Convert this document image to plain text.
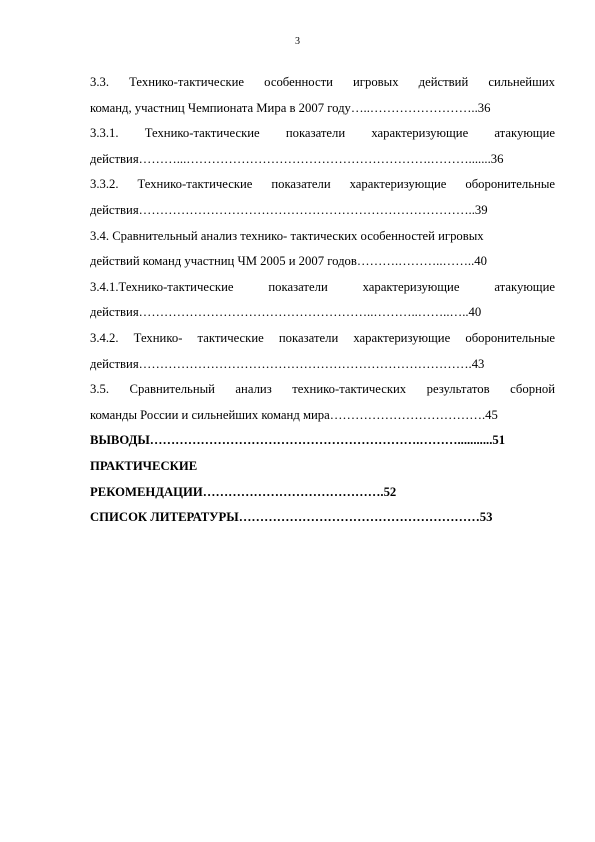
3
3.3. Технико-тактические особенности игровых действий сильнейших
команд, участниц Чемпионата Мира в 2007 году…..……………………..36
3.3.1. Технико-тактические показатели характеризующие атакующие
действия………...………………………………………………….……….......36
3.3.2. Технико-тактические показатели характеризующие оборонительные
действия……………………………………………………………………..39
3.4. Сравнительный анализ технико- тактических особенностей игровых
действий команд участниц ЧМ 2005 и 2007 годов……….………..……..40
3.4.1.Технико-тактические показатели характеризующие атакующие
действия………………………………………………..………..……..…..40
3.4.2. Технико- тактические показатели характеризующие оборонительные
действия…………………………………………………………………….43
3.5. Сравнительный анализ технико-тактических результатов сборной
команды России и сильнейших команд мира……………………………….45
ВЫВОДЫ……………………………………………………….………...........51
ПРАКТИЧЕСКИЕ
РЕКОМЕНДАЦИИ…………………………………….52
СПИСОК ЛИТЕРАТУРЫ…………………………………………………53
